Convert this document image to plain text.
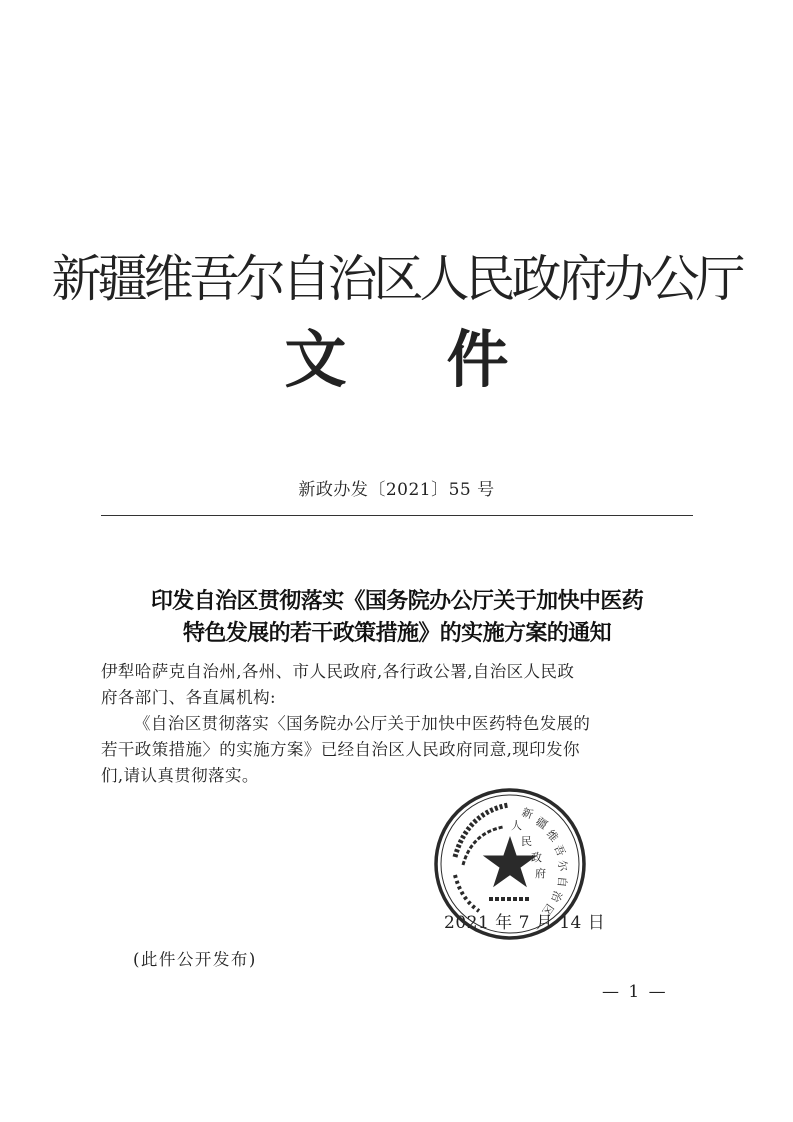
新疆维吾尔自治区人民政府办公厅
文 件
新政办发〔2021〕55 号
印发自治区贯彻落实《国务院办公厅关于加快中医药
特色发展的若干政策措施》的实施方案的通知
伊犁哈萨克自治州,各州、市人民政府,各行政公署,自治区人民政
府各部门、各直属机构:
《自治区贯彻落实〈国务院办公厅关于加快中医药特色发展的
若干政策措施〉的实施方案》已经自治区人民政府同意,现印发你
们,请认真贯彻落实。
2021 年 7 月 14 日
新
疆
维
吾
尔
自
治
区
人
民
政
府
(此件公开发布)
— 1 —
